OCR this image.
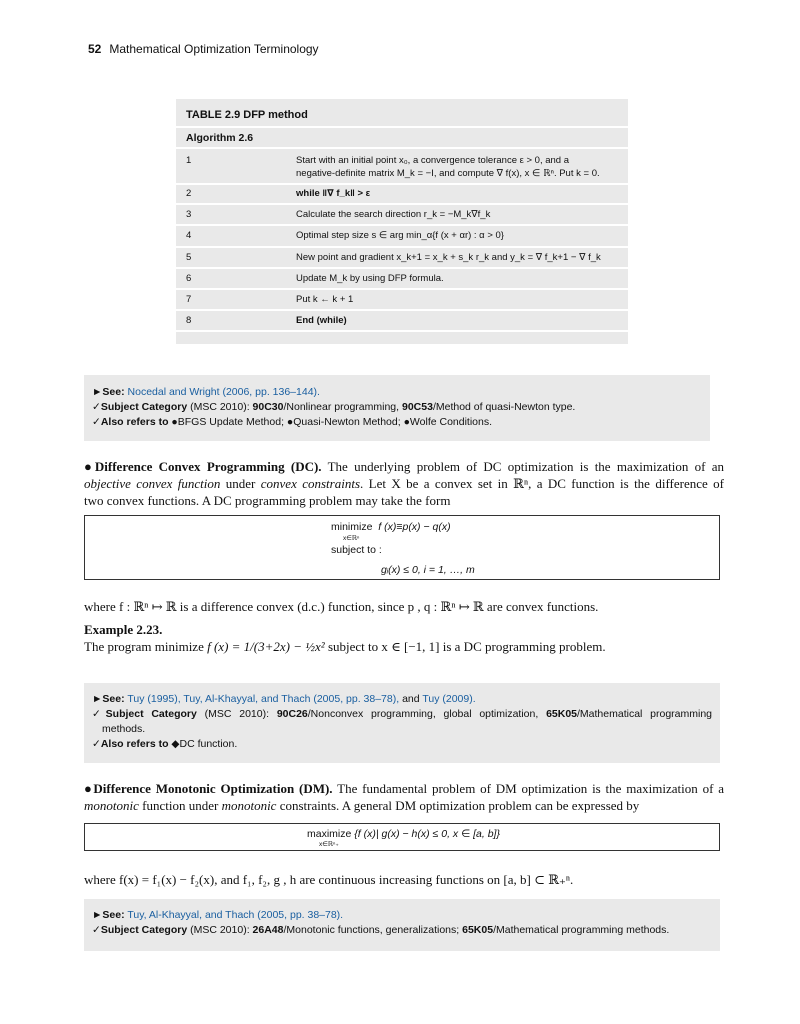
52 Mathematical Optimization Terminology
TABLE 2.9 DFP method
Algorithm 2.6
1	Start with an initial point x₀, a convergence tolerance ε > 0, and a
negative-definite matrix M_k = −I, and compute ∇ f(x), x ∈ ℝⁿ. Put k = 0.
2	while ‖∇ f_k‖ > ε
3	Calculate the search direction r_k = −M_k∇f_k
4	Optimal step size s ∈ arg min_α{f (x + αr) : α > 0}
5	New point and gradient x_k+1 = x_k + s_k r_k and y_k = ∇ f_k+1 − ∇ f_k
6	Update M_k by using DFP formula.
7	Put k ← k + 1
8	End (while)
►See: Nocedal and Wright (2006, pp. 136–144).
✓Subject Category (MSC 2010): 90C30/Nonlinear programming, 90C53/Method of quasi-Newton type.
✓Also refers to ●BFGS Update Method; ●Quasi-Newton Method; ●Wolfe Conditions.
●Difference Convex Programming (DC). The underlying problem of DC optimization is the maximization of an
objective convex function under convex constraints. Let X be a convex set in ℝⁿ, a DC function is the difference of
two convex functions. A DC programming problem may take the form
minimize f (x)≡p(x) − q(x)
x∈ℝⁿ
subject to :
gᵢ(x) ≤ 0, i = 1, …, m
where f : ℝⁿ ↦ ℝ is a difference convex (d.c.) function, since p , q : ℝⁿ ↦ ℝ are convex functions.
Example 2.23.
The program minimize f (x) = 1/(3+2x) − ½x² subject to x ∈ [−1, 1] is a DC programming problem.
►See: Tuy (1995), Tuy, Al-Khayyal, and Thach (2005, pp. 38–78), and Tuy (2009).
✓Subject Category (MSC 2010): 90C26/Nonconvex programming, global optimization, 65K05/Mathematical programming
methods.
✓Also refers to ◆DC function.
●Difference Monotonic Optimization (DM). The fundamental problem of DM optimization is the maximization of a
monotonic function under monotonic constraints. A general DM optimization problem can be expressed by
maximize {f (x)| g(x) − h(x) ≤ 0, x ∈ [a, b]}
x∈ℝⁿ₊
where f(x) = f₁(x) − f₂(x), and f₁, f₂, g , h are continuous increasing functions on [a, b] ⊂ ℝ₊ⁿ.
►See: Tuy, Al-Khayyal, and Thach (2005, pp. 38–78).
✓Subject Category (MSC 2010): 26A48/Monotonic functions, generalizations; 65K05/Mathematical programming methods.
